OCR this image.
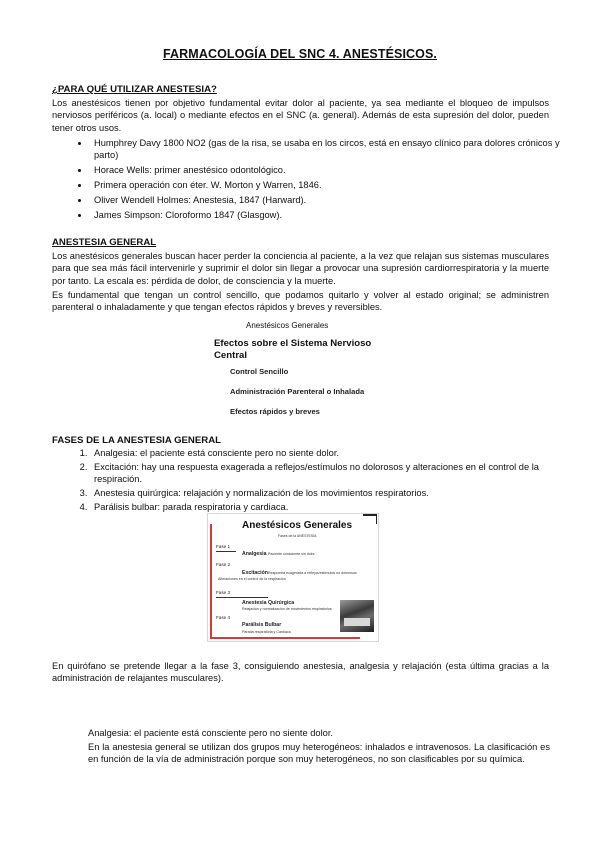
FARMACOLOGÍA DEL SNC 4. ANESTÉSICOS.
¿PARA QUÉ UTILIZAR ANESTESIA?
Los anestésicos tienen por objetivo fundamental evitar dolor al paciente, ya sea mediante el bloqueo de impulsos nerviosos periféricos (a. local) o mediante efectos en el SNC (a. general). Además de esta supresión del dolor, pueden tener otros usos.
• Humphrey Davy 1800 NO2 (gas de la risa, se usaba en los circos, está en ensayo clínico para dolores crónicos y parto)
• Horace Wells: primer anestésico odontológico.
• Primera operación con éter. W. Morton y Warren, 1846.
• Oliver Wendell Holmes: Anestesia, 1847 (Harward).
• James Simpson: Cloroformo 1847 (Glasgow).
ANESTESIA GENERAL
Los anestésicos generales buscan hacer perder la conciencia al paciente, a la vez que relajan sus sistemas musculares para que sea más fácil intervenirle y suprimir el dolor sin llegar a provocar una supresión cardiorrespiratoria y la muerte por tanto. La escala es: pérdida de dolor, de consciencia y la muerte.
Es fundamental que tengan un control sencillo, que podamos quitarlo y volver al estado original; se administren parenteral o inhaladamente y que tengan efectos rápidos y breves y reversibles.
Anestésicos Generales
Efectos sobre el Sistema Nervioso Central
Control Sencillo
Administración Parenteral o Inhalada
Efectos rápidos y breves
FASES DE LA ANESTESIA GENERAL
1. Analgesia: el paciente está consciente pero no siente dolor.
2. Excitación: hay una respuesta exagerada a reflejos/estímulos no dolorosos y alteraciones en el control de la respiración.
3. Anestesia quirúrgica: relajación y normalización de los movimientos respiratorios.
4. Parálisis bulbar: parada respiratoria y cardiaca.
Anestésicos Generales
Fases de la ANESTESIA
Fase 1
Analgesia Paciente consciente sin dolor
Fase 2
Excitación Respuesta exagerada a reflejos/estímulos no dolorosos
Alteraciones en el control de la respiración
Fase 3
Anestesia Quirúrgica
Relajación y normalización de movimientos respiratorios
Fase 4
Parálisis Bulbar
Parada respiratoria y Cardiaca
En quirófano se pretende llegar a la fase 3, consiguiendo anestesia, analgesia y relajación (esta última gracias a la administración de relajantes musculares).
Analgesia: el paciente está consciente pero no siente dolor.
En la anestesia general se utilizan dos grupos muy heterogéneos: inhalados e intravenosos. La clasificación es en función de la vía de administración porque son muy heterogéneos, no son clasificables por su química.
